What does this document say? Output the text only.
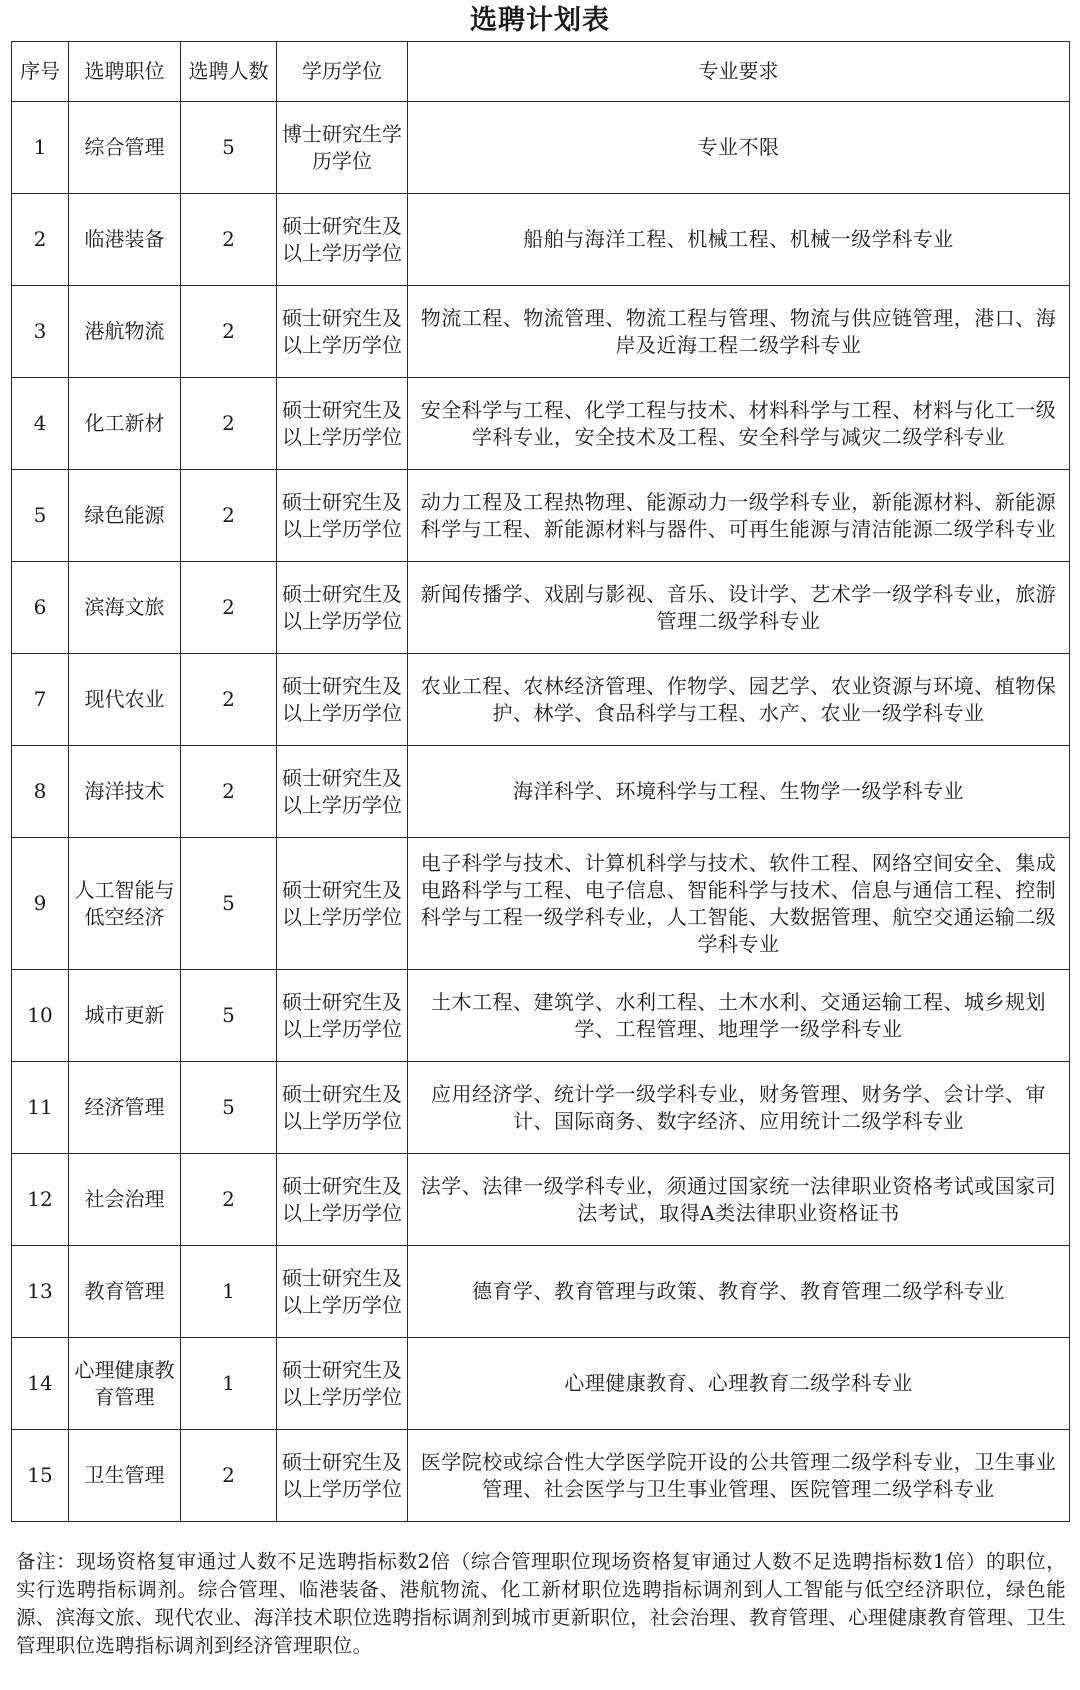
选聘计划表
序号	选聘职位	选聘人数	学历学位	专业要求
1	综合管理	5	博士研究生学历学位	专业不限
2	临港装备	2	硕士研究生及以上学历学位	船舶与海洋工程、机械工程、机械一级学科专业
3	港航物流	2	硕士研究生及以上学历学位	物流工程、物流管理、物流工程与管理、物流与供应链管理，港口、海岸及近海工程二级学科专业
4	化工新材	2	硕士研究生及以上学历学位	安全科学与工程、化学工程与技术、材料科学与工程、材料与化工一级学科专业，安全技术及工程、安全科学与减灾二级学科专业
5	绿色能源	2	硕士研究生及以上学历学位	动力工程及工程热物理、能源动力一级学科专业，新能源材料、新能源科学与工程、新能源材料与器件、可再生能源与清洁能源二级学科专业
6	滨海文旅	2	硕士研究生及以上学历学位	新闻传播学、戏剧与影视、音乐、设计学、艺术学一级学科专业，旅游管理二级学科专业
7	现代农业	2	硕士研究生及以上学历学位	农业工程、农林经济管理、作物学、园艺学、农业资源与环境、植物保护、林学、食品科学与工程、水产、农业一级学科专业
8	海洋技术	2	硕士研究生及以上学历学位	海洋科学、环境科学与工程、生物学一级学科专业
9	人工智能与低空经济	5	硕士研究生及以上学历学位	电子科学与技术、计算机科学与技术、软件工程、网络空间安全、集成电路科学与工程、电子信息、智能科学与技术、信息与通信工程、控制科学与工程一级学科专业，人工智能、大数据管理、航空交通运输二级学科专业
10	城市更新	5	硕士研究生及以上学历学位	土木工程、建筑学、水利工程、土木水利、交通运输工程、城乡规划学、工程管理、地理学一级学科专业
11	经济管理	5	硕士研究生及以上学历学位	应用经济学、统计学一级学科专业，财务管理、财务学、会计学、审计、国际商务、数字经济、应用统计二级学科专业
12	社会治理	2	硕士研究生及以上学历学位	法学、法律一级学科专业，须通过国家统一法律职业资格考试或国家司法考试，取得A类法律职业资格证书
13	教育管理	1	硕士研究生及以上学历学位	德育学、教育管理与政策、教育学、教育管理二级学科专业
14	心理健康教育管理	1	硕士研究生及以上学历学位	心理健康教育、心理教育二级学科专业
15	卫生管理	2	硕士研究生及以上学历学位	医学院校或综合性大学医学院开设的公共管理二级学科专业，卫生事业管理、社会医学与卫生事业管理、医院管理二级学科专业
备注：现场资格复审通过人数不足选聘指标数2倍（综合管理职位现场资格复审通过人数不足选聘指标数1倍）的职位，实行选聘指标调剂。综合管理、临港装备、港航物流、化工新材职位选聘指标调剂到人工智能与低空经济职位，绿色能源、滨海文旅、现代农业、海洋技术职位选聘指标调剂到城市更新职位，社会治理、教育管理、心理健康教育管理、卫生管理职位选聘指标调剂到经济管理职位。
